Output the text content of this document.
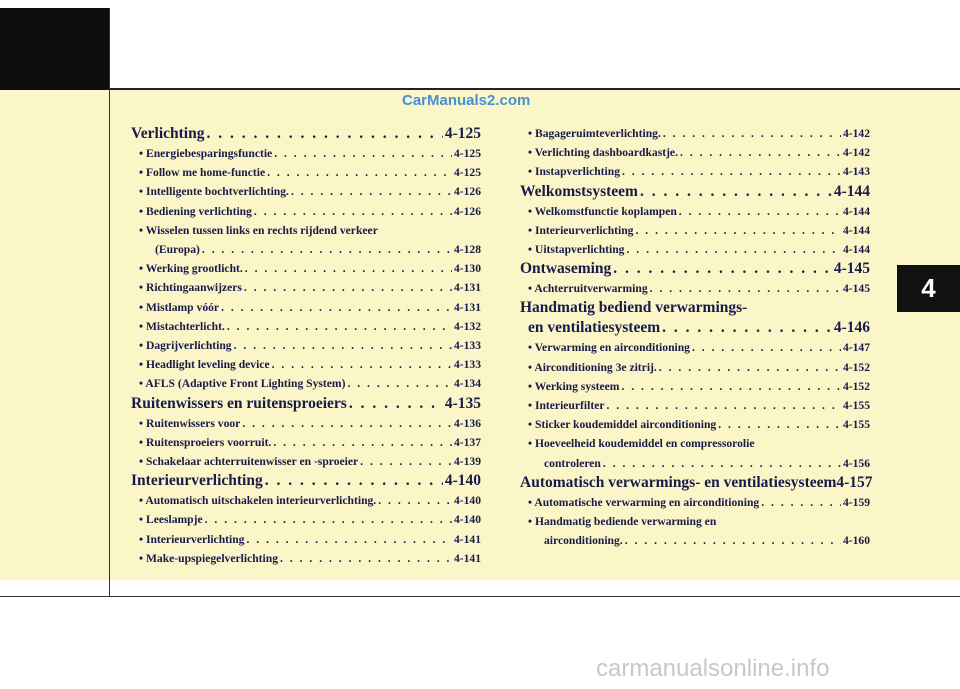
CarManuals2.com
Verlichting . . .	4-125
• Energiebesparingsfunctie . . .	4-125
• Follow me home-functie . . .	4-125
• Intelligente bochtverlichting. . . .	4-126
• Bediening verlichting . . .	4-126
• Wisselen tussen links en rechts rijdend verkeer
(Europa) . . .	4-128
• Werking grootlicht. . . .	4-130
• Richtingaanwijzers . . .	4-131
• Mistlamp vóór . . .	4-131
• Mistachterlicht. . . .	4-132
• Dagrijverlichting . . .	4-133
• Headlight leveling device . . .	4-133
• AFLS (Adaptive Front Lighting System) . . .	4-134
Ruitenwissers en ruitensproeiers . . .	4-135
• Ruitenwissers voor . . .	4-136
• Ruitensproeiers voorruit. . . .	4-137
• Schakelaar achterruitenwisser en -sproeier . . .	4-139
Interieurverlichting . . .	4-140
• Automatisch uitschakelen interieurverlichting. . . .	4-140
• Leeslampje . . .	4-140
• Interieurverlichting . . .	4-141
• Make-upspiegelverlichting . . .	4-141
• Bagageruimteverlichting. . . .	4-142
• Verlichting dashboardkastje. . . .	4-142
• Instapverlichting . . .	4-143
Welkomstsysteem . . .	4-144
• Welkomstfunctie koplampen . . .	4-144
• Interieurverlichting . . .	4-144
• Uitstapverlichting . . .	4-144
Ontwaseming . . .	4-145
• Achterruitverwarming . . .	4-145
Handmatig bediend verwarmings-
en ventilatiesysteem . . .	4-146
• Verwarming en airconditioning . . .	4-147
• Airconditioning 3e zitrij. . . .	4-152
• Werking systeem . . .	4-152
• Interieurfilter . . .	4-155
• Sticker koudemiddel airconditioning . . .	4-155
• Hoeveelheid koudemiddel en compressorolie
controleren . . .	4-156
Automatisch verwarmings- en ventilatiesysteem4-157
• Automatische verwarming en airconditioning . . .	4-159
• Handmatig bediende verwarming en
airconditioning. . . .	4-160
4
carmanualsonline.info
